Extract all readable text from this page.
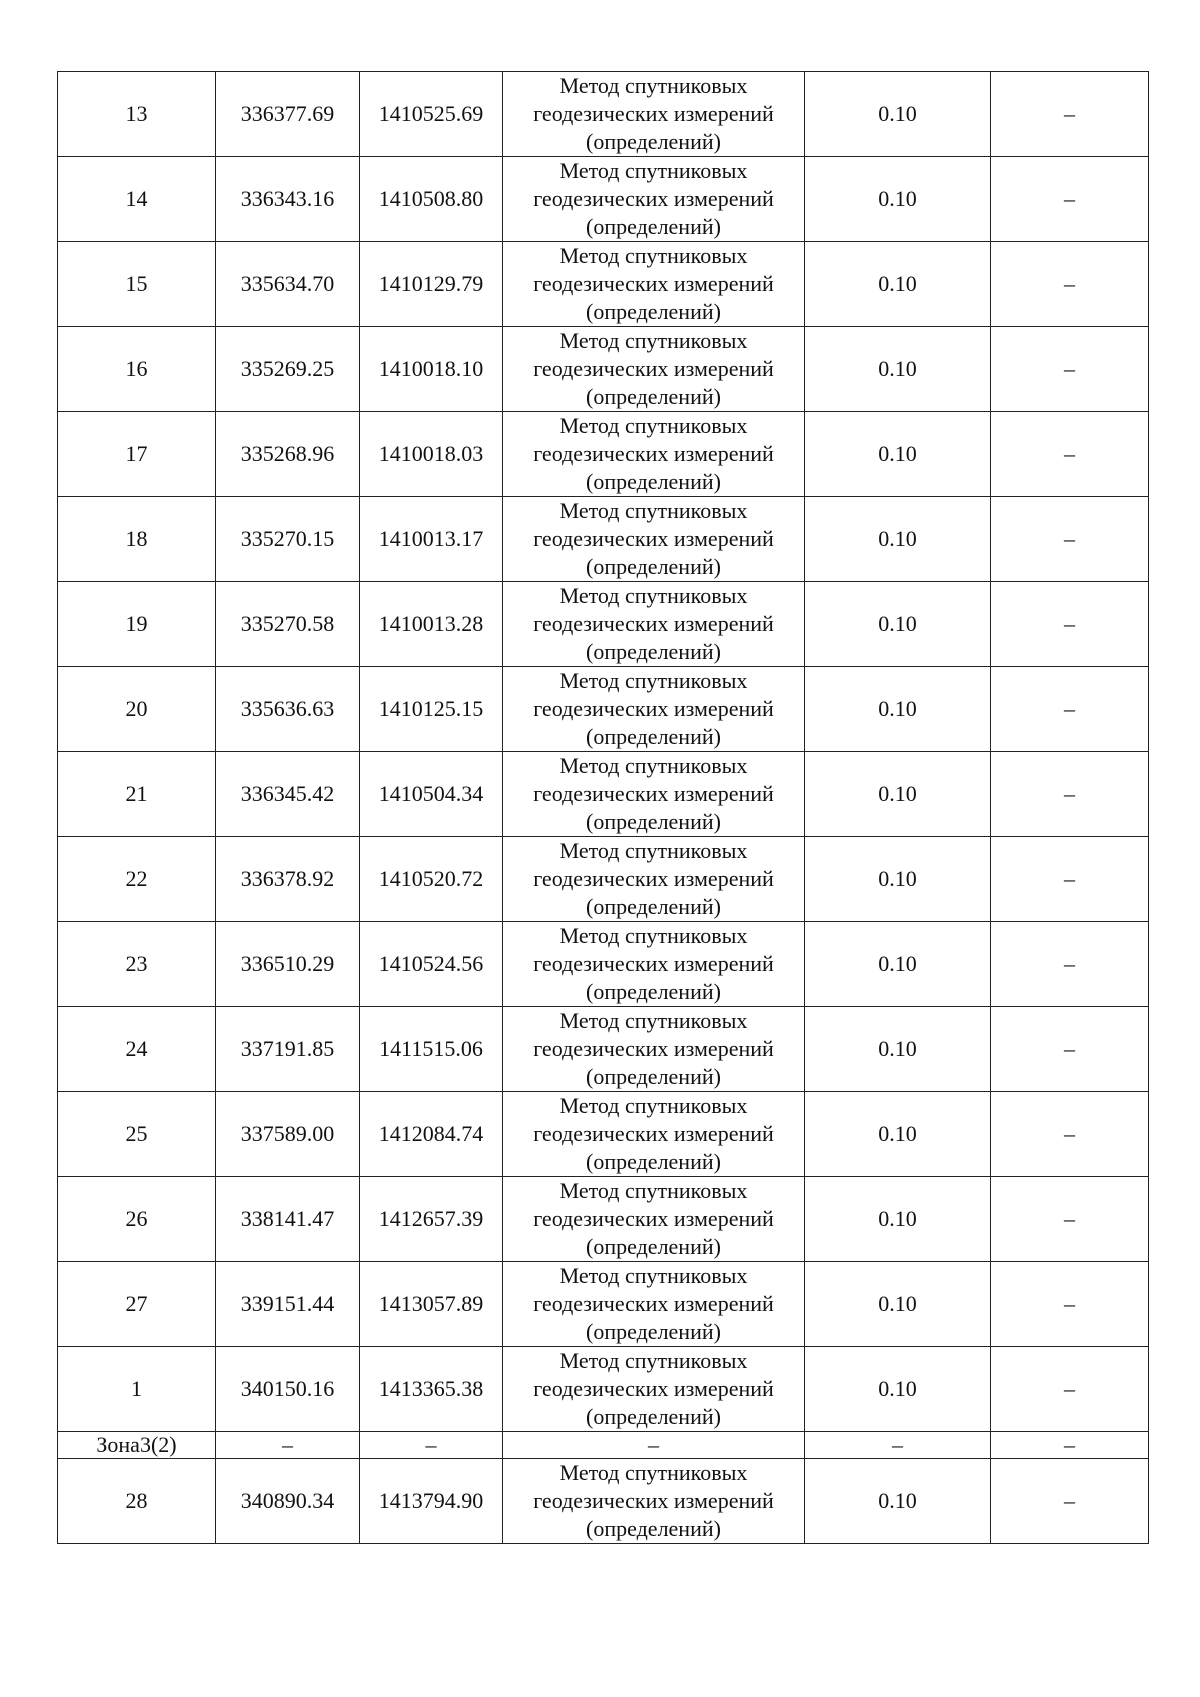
13	336377.69	1410525.69	Метод спутниковых
геодезических измерений
(определений)	0.10	–
14	336343.16	1410508.80	Метод спутниковых
геодезических измерений
(определений)	0.10	–
15	335634.70	1410129.79	Метод спутниковых
геодезических измерений
(определений)	0.10	–
16	335269.25	1410018.10	Метод спутниковых
геодезических измерений
(определений)	0.10	–
17	335268.96	1410018.03	Метод спутниковых
геодезических измерений
(определений)	0.10	–
18	335270.15	1410013.17	Метод спутниковых
геодезических измерений
(определений)	0.10	–
19	335270.58	1410013.28	Метод спутниковых
геодезических измерений
(определений)	0.10	–
20	335636.63	1410125.15	Метод спутниковых
геодезических измерений
(определений)	0.10	–
21	336345.42	1410504.34	Метод спутниковых
геодезических измерений
(определений)	0.10	–
22	336378.92	1410520.72	Метод спутниковых
геодезических измерений
(определений)	0.10	–
23	336510.29	1410524.56	Метод спутниковых
геодезических измерений
(определений)	0.10	–
24	337191.85	1411515.06	Метод спутниковых
геодезических измерений
(определений)	0.10	–
25	337589.00	1412084.74	Метод спутниковых
геодезических измерений
(определений)	0.10	–
26	338141.47	1412657.39	Метод спутниковых
геодезических измерений
(определений)	0.10	–
27	339151.44	1413057.89	Метод спутниковых
геодезических измерений
(определений)	0.10	–
1	340150.16	1413365.38	Метод спутниковых
геодезических измерений
(определений)	0.10	–
Зона3(2)	–	–	–	–	–
28	340890.34	1413794.90	Метод спутниковых
геодезических измерений
(определений)	0.10	–
